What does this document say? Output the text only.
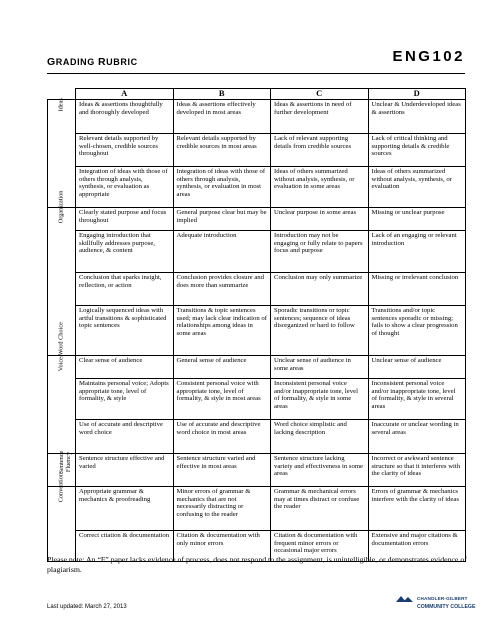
GRADING RUBRIC	ENG102
	A	B	C	D

Ideas	Ideas & assertions thoughtfully and thoroughly developed	Ideas & assertions effectively developed in most areas	Ideas & assertions in need of further development	Unclear & Underdeveloped ideas & assertions
	Relevant details supported by well-chosen, credible sources throughout	Relevant details supported by credible sources in most areas	Lack of relevant supporting details from credible sources	Lack of critical thinking and supporting details & credible sources
	Integration of ideas with those of others through analysis, synthesis, or evaluation as appropriate	Integration of ideas with those of others through analysis, synthesis, or evaluation in most areas	Ideas of others summarized without analysis, synthesis, or evaluation in some areas	Ideas of others summarized without analysis, synthesis, or evaluation

Organization	Clearly stated purpose and focus throughout	General purpose clear but may be implied	Unclear purpose in some areas	Missing or unclear purpose
	Engaging introduction that skillfully addresses purpose, audience, & content	Adequate introduction	Introduction may not be engaging or fully relate to papers focus and purpose	Lack of an engaging or relevant introduction
	Conclusion that sparks insight, reflection, or action	Conclusion provides closure and does more than summarize	Conclusion may only summarize	Missing or irrelevant conclusion
	Logically sequenced ideas with artful transitions & sophisticated topic sentences	Transitions & topic sentences used; may lack clear indication of relationships among ideas in some areas	Sporadic transitions or topic sentences; sequence of ideas disorganized or hard to follow	Transitions and/or topic sentences sporadic or missing; fails to show a clear progression of thought

Voice/Word Choice	Clear sense of audience	General sense of audience	Unclear sense of audience in some areas	Unclear sense of audience
	Maintains personal voice; Adopts appropriate tone, level of formality, & style	Consistent personal voice with appropriate tone, level of formality, & style in most areas	Inconsistent personal voice and/or inappropriate tone, level of formality, & style in some areas	Inconsistent personal voice and/or inappropriate tone, level of formality, & style in several areas
	Use of accurate and descriptive word choice	Use of accurate and descriptive word choice in most areas	Word choice simplistic and lacking description	Inaccurate or unclear wording in several areas

Sentence Fluency	Sentence structure effective and varied	Sentence structure varied and effective in most areas	Sentence structure lacking variety and effectiveness in some areas	Incorrect or awkward sentence structure so that it interferes with the clarity of ideas

Convention	Appropriate grammar & mechanics & proofreading	Minor errors of grammar & mechanics that are not necessarily distracting or confusing to the reader	Grammar & mechanical errors may at times distract or confuse the reader	Errors of grammar & mechanics interfere with the clarity of ideas
	Correct citation & documentation	Citation & documentation with only minor errors	Citation & documentation with frequent minor errors or occasional major errors	Extensive and major citations & documentation errors
Please note: An “F” paper lacks evidence of process, does not respond to the assignment, is unintelligible, or demonstrates evidence of plagiarism.
Last updated: March 27, 2013
CHANDLER-GILBERT
COMMUNITY COLLEGE
